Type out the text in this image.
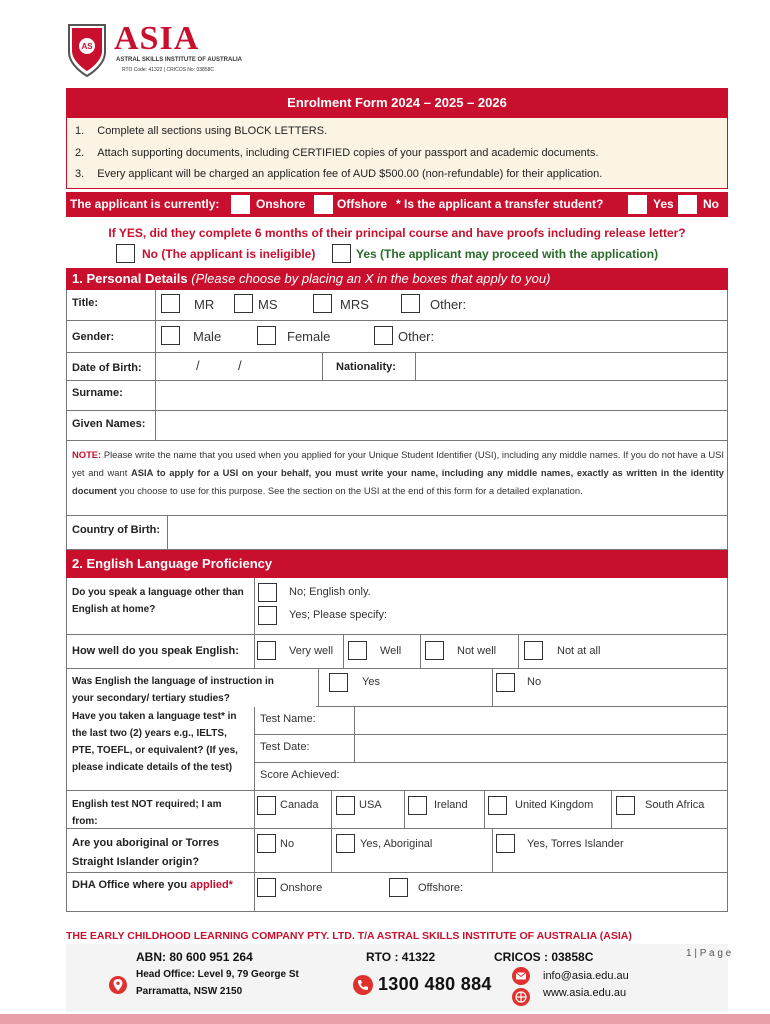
AS ASIA
ASTRAL SKILLS INSTITUTE OF AUSTRALIA
RTO Code: 41322 | CRICOS No: 03858C
Enrolment Form 2024 – 2025 – 2026
1. Complete all sections using BLOCK LETTERS.
2. Attach supporting documents, including CERTIFIED copies of your passport and academic documents.
3. Every applicant will be charged an application fee of AUD $500.00 (non-refundable) for their application.
The applicant is currently:	Onshore	Offshore * Is the applicant a transfer student?	Yes No
If YES, did they complete 6 months of their principal course and have proofs including release letter?
No (The applicant is ineligible)	Yes (The applicant may proceed with the application)
1. Personal Details (Please choose by placing an X in the boxes that apply to you)
Title:	MR	MS	MRS	Other:
Gender:	Male	Female	Other:
Date of Birth:	/	/	Nationality:
Surname:
Given Names:
NOTE: Please write the name that you used when you applied for your Unique Student Identifier (USI), including any middle names. If you do not have a USI yet and want ASIA to apply for a USI on your behalf, you must write your name, including any middle names, exactly as written in the identity document you choose to use for this purpose. See the section on the USI at the end of this form for a detailed explanation.
Country of Birth:
2. English Language Proficiency
Do you speak a language other than English at home?
No; English only.
Yes; Please specify:
How well do you speak English:	Very well	Well	Not well	Not at all
Was English the language of instruction in your secondary/ tertiary studies?
Yes	No
Have you taken a language test* in the last two (2) years e.g., IELTS, PTE, TOEFL, or equivalent? (If yes, please indicate details of the test)
Test Name:
Test Date:
Score Achieved:
English test NOT required; I am from:
Canada	USA	Ireland	United Kingdom	South Africa
Are you aboriginal or Torres Straight Islander origin?
No	Yes, Aboriginal	Yes, Torres Islander
DHA Office where you applied*	Onshore	Offshore:
THE EARLY CHILDHOOD LEARNING COMPANY PTY. LTD. T/A ASTRAL SKILLS INSTITUTE OF AUSTRALIA (ASIA)
ABN: 80 600 951 264	RTO : 41322	CRICOS : 03858C	1 | P a g e
Head Office: Level 9, 79 George St
Parramatta, NSW 2150	1300 480 884	info@asia.edu.au
www.asia.edu.au
